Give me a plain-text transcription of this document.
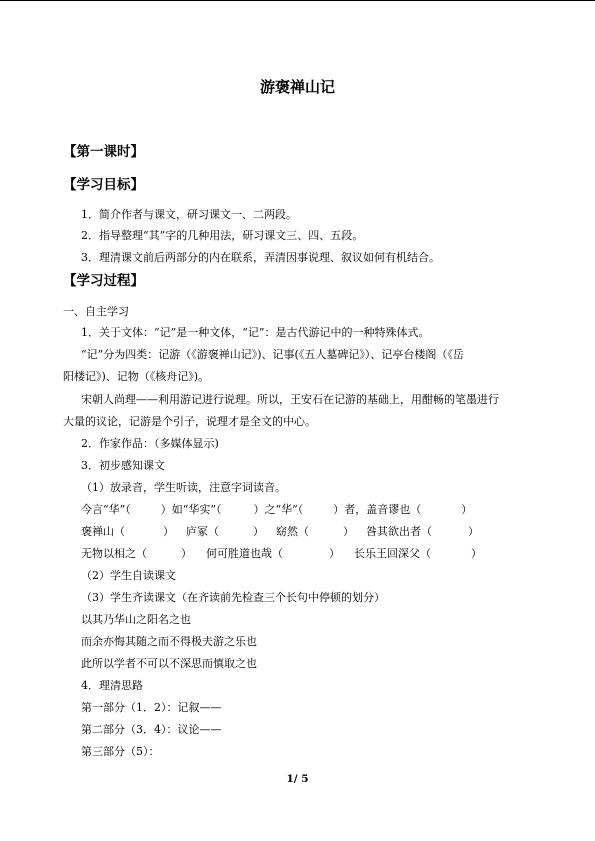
游褒禅山记
【第一课时】
【学习目标】
1．简介作者与课文，研习课文一、二两段。
2．指导整理“其”字的几种用法，研习课文三、四、五段。
3．理清课文前后两部分的内在联系，弄清因事说理、叙议如何有机结合。
【学习过程】
一、自主学习
1．关于文体：“记”是一种文体，“记”：是古代游记中的一种特殊体式。
“记”分为四类：记游（《游褒禅山记》)、记事(《五人墓碑记》）、记亭台楼阁（《岳
阳楼记》)、记物（《核舟记》)。
宋朝人尚理——利用游记进行说理。所以，王安石在记游的基础上，用酣畅的笔墨进行
大量的议论，记游是个引子，说理才是全文的中心。
2．作家作品：（多媒体显示)
3．初步感知课文
（1）放录音，学生听读，注意字词读音。
今言“华”（	）如“华实”（	）之“华”（	）者，盖音谬也（	）
褒禅山（	） 庐冢（	） 窈然（	） 咎其欲出者（	）
无物以相之（	） 何可胜道也哉（	） 长乐王回深父（	）
（2）学生自读课文
（3）学生齐读课文（在齐读前先检查三个长句中停顿的划分）
以其乃华山之阳名之也
而余亦悔其随之而不得极夫游之乐也
此所以学者不可以不深思而慎取之也
4．理清思路
第一部分（1．2）：记叙——
第二部分（3．4）：议论——
第三部分（5）：
1/ 5
